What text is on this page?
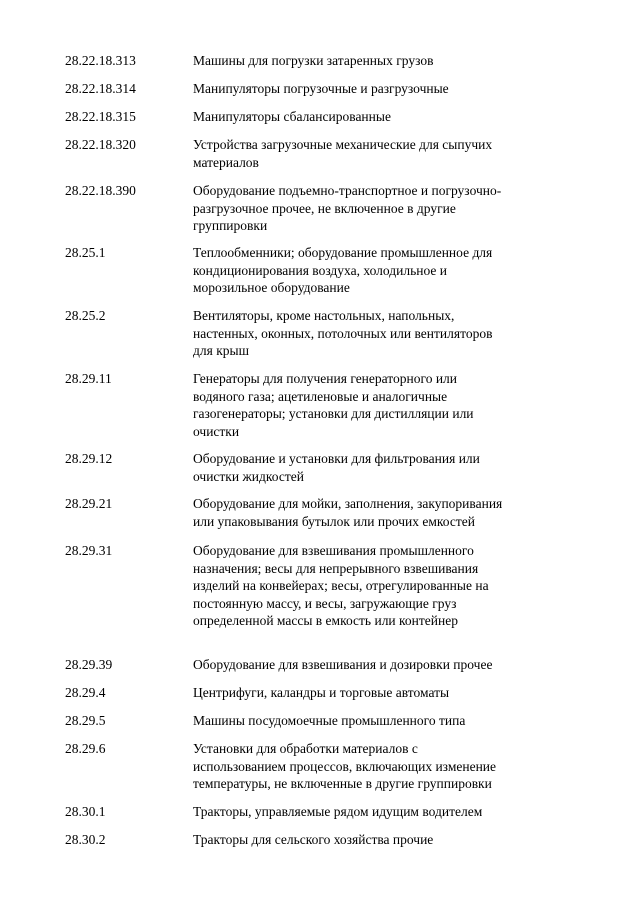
28.22.18.313	Машины для погрузки затаренных грузов
28.22.18.314	Манипуляторы погрузочные и разгрузочные
28.22.18.315	Манипуляторы сбалансированные
28.22.18.320	Устройства загрузочные механические для сыпучих
материалов
28.22.18.390	Оборудование подъемно-транспортное и погрузочно-
разгрузочное прочее, не включенное в другие
группировки
28.25.1	Теплообменники; оборудование промышленное для
кондиционирования воздуха, холодильное и
морозильное оборудование
28.25.2	Вентиляторы, кроме настольных, напольных,
настенных, оконных, потолочных или вентиляторов
для крыш
28.29.11	Генераторы для получения генераторного или
водяного газа; ацетиленовые и аналогичные
газогенераторы; установки для дистилляции или
очистки
28.29.12	Оборудование и установки для фильтрования или
очистки жидкостей
28.29.21	Оборудование для мойки, заполнения, закупоривания
или упаковывания бутылок или прочих емкостей
28.29.31	Оборудование для взвешивания промышленного
назначения; весы для непрерывного взвешивания
изделий на конвейерах; весы, отрегулированные на
постоянную массу, и весы, загружающие груз
определенной массы в емкость или контейнер
28.29.39	Оборудование для взвешивания и дозировки прочее
28.29.4	Центрифуги, каландры и торговые автоматы
28.29.5	Машины посудомоечные промышленного типа
28.29.6	Установки для обработки материалов с
использованием процессов, включающих изменение
температуры, не включенные в другие группировки
28.30.1	Тракторы, управляемые рядом идущим водителем
28.30.2	Тракторы для сельского хозяйства прочие
